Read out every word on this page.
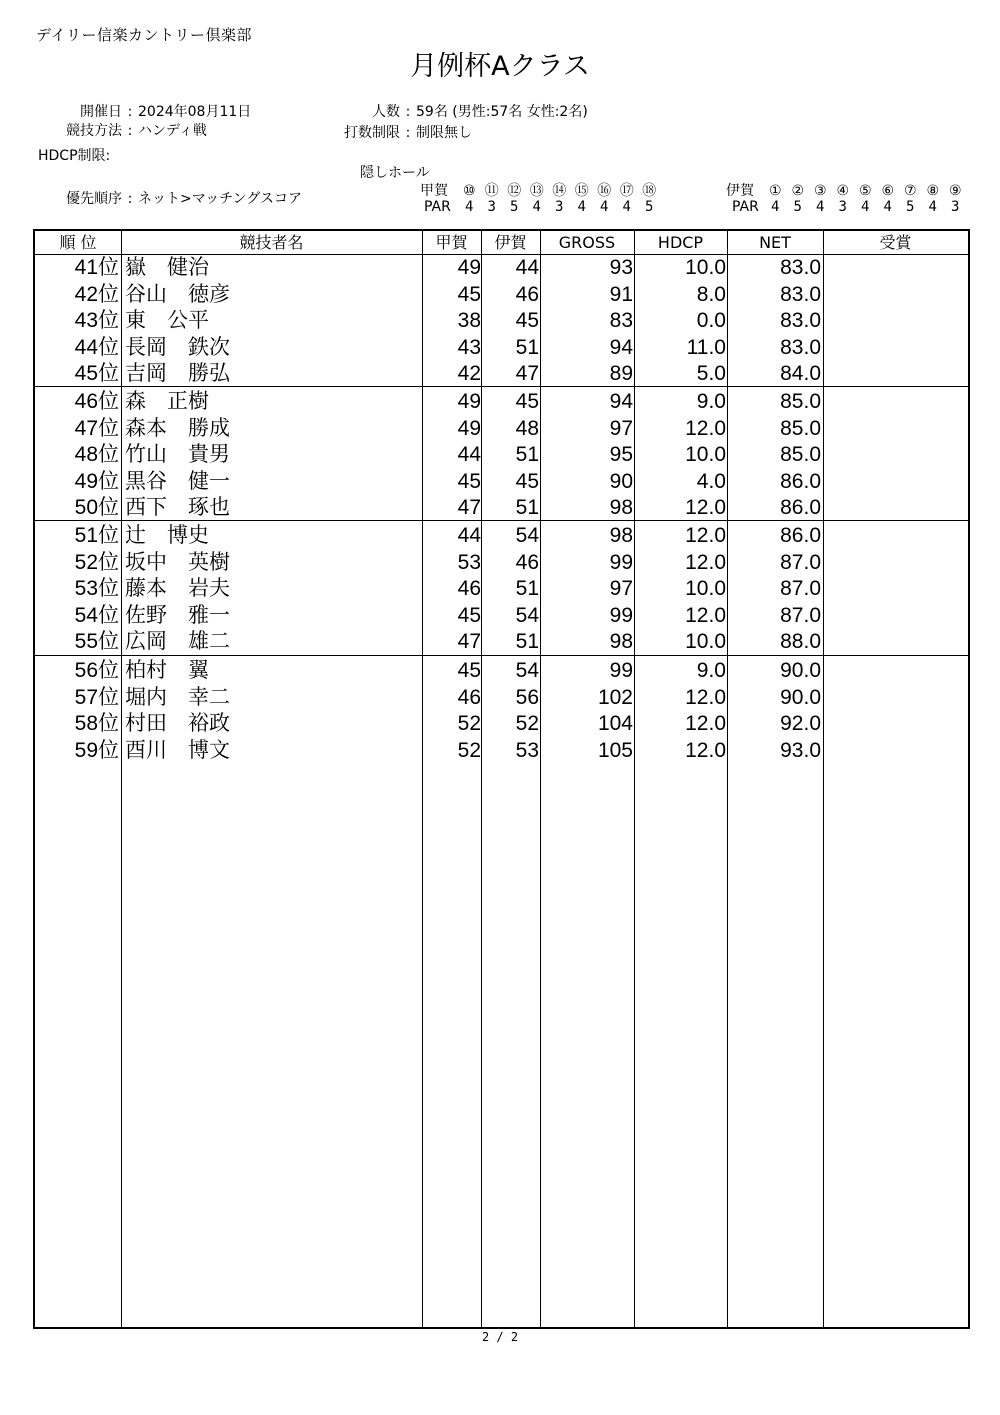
デイリー信楽カントリー倶楽部
月例杯Aクラス
開催日 : 2024年08月11日
競技方法 : ハンディ戦
HDCP制限:
優先順序 : ネット>マッチングスコア
人数 : 59名 (男性:57名 女性:2名)
打数制限 : 制限無し
隠しホール
甲賀 ⑩ ⑪ ⑫ ⑬ ⑭ ⑮ ⑯ ⑰ ⑱
PAR 4 3 5 4 3 4 4 4 5
伊賀 ① ② ③ ④ ⑤ ⑥ ⑦ ⑧ ⑨
PAR 4 5 4 3 4 4 5 4 3
順 位	競技者名	甲賀	伊賀	GROSS	HDCP	NET	受賞
41位 嶽　健治	49	44	93	10.0	83.0
42位 谷山　徳彦	45	46	91	8.0	83.0
43位 東　公平	38	45	83	0.0	83.0
44位 長岡　鉄次	43	51	94	11.0	83.0
45位 吉岡　勝弘	42	47	89	5.0	84.0
46位 森　正樹	49	45	94	9.0	85.0
47位 森本　勝成	49	48	97	12.0	85.0
48位 竹山　貴男	44	51	95	10.0	85.0
49位 黒谷　健一	45	45	90	4.0	86.0
50位 西下　琢也	47	51	98	12.0	86.0
51位 辻　博史	44	54	98	12.0	86.0
52位 坂中　英樹	53	46	99	12.0	87.0
53位 藤本　岩夫	46	51	97	10.0	87.0
54位 佐野　雅一	45	54	99	12.0	87.0
55位 広岡　雄二	47	51	98	10.0	88.0
56位 柏村　翼	45	54	99	9.0	90.0
57位 堀内　幸二	46	56	102	12.0	90.0
58位 村田　裕政	52	52	104	12.0	92.0
59位 酉川　博文	52	53	105	12.0	93.0
2 / 2
